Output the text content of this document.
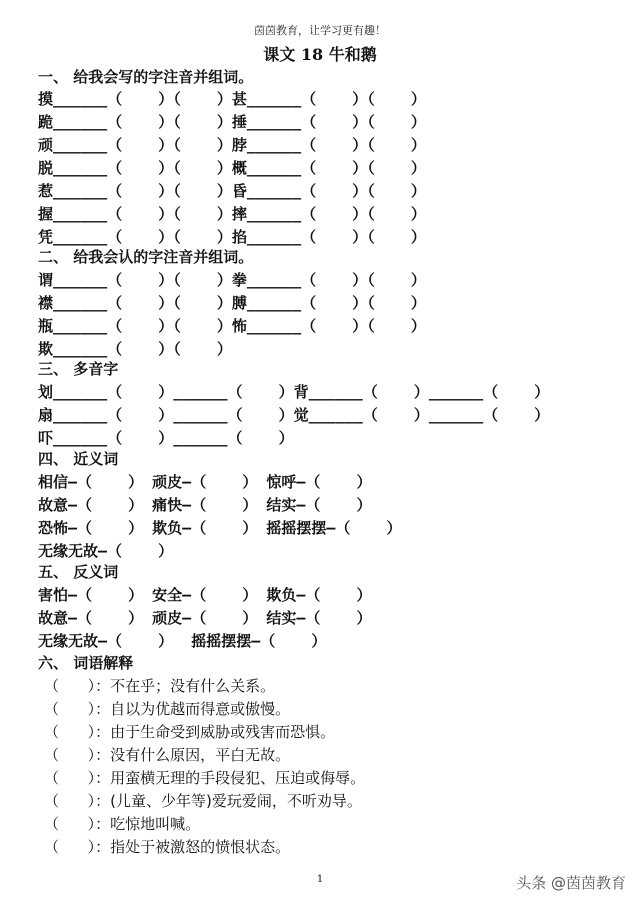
茵茵教育，让学习更有趣！
课文 18 牛和鹅
一、 给我会写的字注音并组词。
摸______（    ）（    ）甚______（    ）（    ）
跪______（    ）（    ）捶______（    ）（    ）
顽______（    ）（    ）脖______（    ）（    ）
脱______（    ）（    ）概______（    ）（    ）
惹______（    ）（    ）昏______（    ）（    ）
握______（    ）（    ）摔______（    ）（    ）
凭______（    ）（    ）掐______（    ）（    ）
二、 给我会认的字注音并组词。
谓______（    ）（    ）拳______（    ）（    ）
襟______（    ）（    ）膊______（    ）（    ）
瓶______（    ）（    ）怖______（    ）（    ）
欺______（    ）（    ）
三、 多音字
划______（    ）______（    ）背______（    ）______（    ）
扇______（    ）______（    ）觉______（    ）______（    ）
吓______（    ）______（    ）
四、 近义词
相信—（    ） 顽皮—（    ） 惊呼—（    ）
故意—（    ） 痛快—（    ） 结实—（    ）
恐怖—（    ） 欺负—（    ） 摇摇摆摆—（    ）
无缘无故—（    ）
五、 反义词
害怕—（    ） 安全—（    ） 欺负—（    ）
故意—（    ） 顽皮—（    ） 结实—（    ）
无缘无故—（    ）  摇摇摆摆—（    ）
六、 词语解释
（      ）：不在乎；没有什么关系。
（      ）：自以为优越而得意或傲慢。
（      ）：由于生命受到威胁或残害而恐惧。
（      ）：没有什么原因，平白无故。
（      ）：用蛮横无理的手段侵犯、压迫或侮辱。
（      ）：(儿童、少年等)爱玩爱闹，不听劝导。
（      ）：吃惊地叫喊。
（      ）：指处于被激怒的愤恨状态。
1	头条 @茵茵教育
